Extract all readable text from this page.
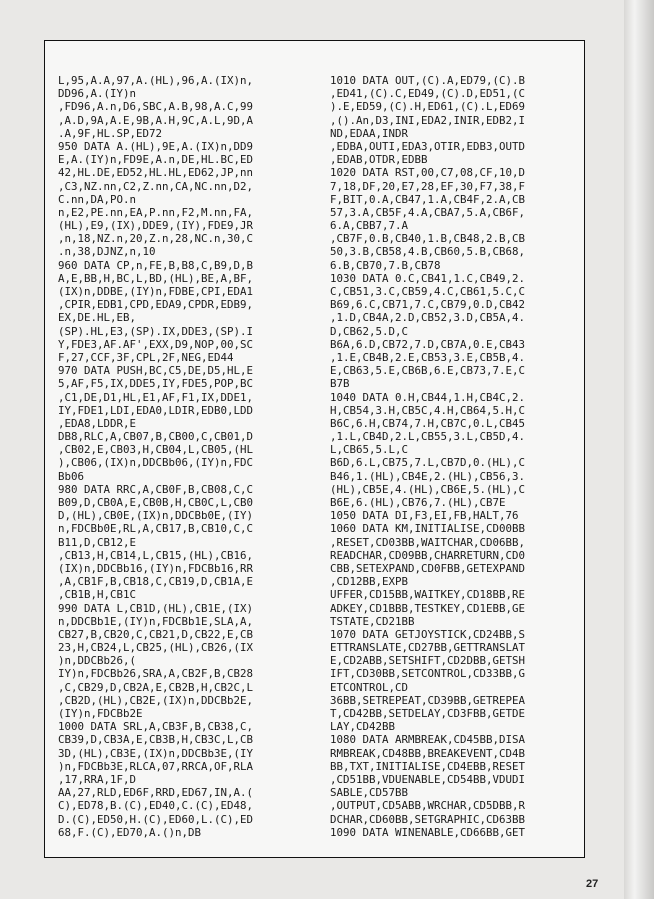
L,95,A.A,97,A.(HL),96,A.(IX)n,
DD96,A.(IY)n
,FD96,A.n,D6,SBC,A.B,98,A.C,99
,A.D,9A,A.E,9B,A.H,9C,A.L,9D,A
.A,9F,HL.SP,ED72
950 DATA A.(HL),9E,A.(IX)n,DD9
E,A.(IY)n,FD9E,A.n,DE,HL.BC,ED
42,HL.DE,ED52,HL.HL,ED62,JP,nn
,C3,NZ.nn,C2,Z.nn,CA,NC.nn,D2,
C.nn,DA,PO.n
n,E2,PE.nn,EA,P.nn,F2,M.nn,FA,
(HL),E9,(IX),DDE9,(IY),FDE9,JR
,n,18,NZ.n,20,Z.n,28,NC.n,30,C
.n,38,DJNZ,n,10
960 DATA CP,n,FE,B,B8,C,B9,D,B
A,E,BB,H,BC,L,BD,(HL),BE,A,BF,
(IX)n,DDBE,(IY)n,FDBE,CPI,EDA1
,CPIR,EDB1,CPD,EDA9,CPDR,EDB9,
EX,DE.HL,EB,
(SP).HL,E3,(SP).IX,DDE3,(SP).I
Y,FDE3,AF.AF',EXX,D9,NOP,00,SC
F,27,CCF,3F,CPL,2F,NEG,ED44
970 DATA PUSH,BC,C5,DE,D5,HL,E
5,AF,F5,IX,DDE5,IY,FDE5,POP,BC
,C1,DE,D1,HL,E1,AF,F1,IX,DDE1,
IY,FDE1,LDI,EDA0,LDIR,EDB0,LDD
,EDA8,LDDR,E
DB8,RLC,A,CB07,B,CB00,C,CB01,D
,CB02,E,CB03,H,CB04,L,CB05,(HL
),CB06,(IX)n,DDCBb06,(IY)n,FDC
Bb06
980 DATA RRC,A,CB0F,B,CB08,C,C
B09,D,CB0A,E,CB0B,H,CB0C,L,CB0
D,(HL),CB0E,(IX)n,DDCBb0E,(IY)
n,FDCBb0E,RL,A,CB17,B,CB10,C,C
B11,D,CB12,E
,CB13,H,CB14,L,CB15,(HL),CB16,
(IX)n,DDCBb16,(IY)n,FDCBb16,RR
,A,CB1F,B,CB18,C,CB19,D,CB1A,E
,CB1B,H,CB1C
990 DATA L,CB1D,(HL),CB1E,(IX)
n,DDCBb1E,(IY)n,FDCBb1E,SLA,A,
CB27,B,CB20,C,CB21,D,CB22,E,CB
23,H,CB24,L,CB25,(HL),CB26,(IX
)n,DDCBb26,(
IY)n,FDCBb26,SRA,A,CB2F,B,CB28
,C,CB29,D,CB2A,E,CB2B,H,CB2C,L
,CB2D,(HL),CB2E,(IX)n,DDCBb2E,
(IY)n,FDCBb2E
1000 DATA SRL,A,CB3F,B,CB38,C,
CB39,D,CB3A,E,CB3B,H,CB3C,L,CB
3D,(HL),CB3E,(IX)n,DDCBb3E,(IY
)n,FDCBb3E,RLCA,07,RRCA,OF,RLA
,17,RRA,1F,D
AA,27,RLD,ED6F,RRD,ED67,IN,A.(
C),ED78,B.(C),ED40,C.(C),ED48,
D.(C),ED50,H.(C),ED60,L.(C),ED
68,F.(C),ED70,A.()n,DB
1010 DATA OUT,(C).A,ED79,(C).B
,ED41,(C).C,ED49,(C).D,ED51,(C
).E,ED59,(C).H,ED61,(C).L,ED69
,().An,D3,INI,EDA2,INIR,EDB2,I
ND,EDAA,INDR
,EDBA,OUTI,EDA3,OTIR,EDB3,OUTD
,EDAB,OTDR,EDBB
1020 DATA RST,00,C7,08,CF,10,D
7,18,DF,20,E7,28,EF,30,F7,38,F
F,BIT,0.A,CB47,1.A,CB4F,2.A,CB
57,3.A,CB5F,4.A,CBA7,5.A,CB6F,
6.A,CBB7,7.A
,CB7F,0.B,CB40,1.B,CB48,2.B,CB
50,3.B,CB58,4.B,CB60,5.B,CB68,
6.B,CB70,7.B,CB78
1030 DATA 0.C,CB41,1.C,CB49,2.
C,CB51,3.C,CB59,4.C,CB61,5.C,C
B69,6.C,CB71,7.C,CB79,0.D,CB42
,1.D,CB4A,2.D,CB52,3.D,CB5A,4.
D,CB62,5.D,C
B6A,6.D,CB72,7.D,CB7A,0.E,CB43
,1.E,CB4B,2.E,CB53,3.E,CB5B,4.
E,CB63,5.E,CB6B,6.E,CB73,7.E,C
B7B
1040 DATA 0.H,CB44,1.H,CB4C,2.
H,CB54,3.H,CB5C,4.H,CB64,5.H,C
B6C,6.H,CB74,7.H,CB7C,0.L,CB45
,1.L,CB4D,2.L,CB55,3.L,CB5D,4.
L,CB65,5.L,C
B6D,6.L,CB75,7.L,CB7D,0.(HL),C
B46,1.(HL),CB4E,2.(HL),CB56,3.
(HL),CB5E,4.(HL),CB6E,5.(HL),C
B6E,6.(HL),CB76,7.(HL),CB7E
1050 DATA DI,F3,EI,FB,HALT,76
1060 DATA KM,INITIALISE,CD00BB
,RESET,CD03BB,WAITCHAR,CD06BB,
READCHAR,CD09BB,CHARRETURN,CD0
CBB,SETEXPAND,CD0FBB,GETEXPAND
,CD12BB,EXPB
UFFER,CD15BB,WAITKEY,CD18BB,RE
ADKEY,CD1BBB,TESTKEY,CD1EBB,GE
TSTATE,CD21BB
1070 DATA GETJOYSTICK,CD24BB,S
ETTRANSLATE,CD27BB,GETTRANSLAT
E,CD2ABB,SETSHIFT,CD2DBB,GETSH
IFT,CD30BB,SETCONTROL,CD33BB,G
ETCONTROL,CD
36BB,SETREPEAT,CD39BB,GETREPEA
T,CD42BB,SETDELAY,CD3FBB,GETDE
LAY,CD42BB
1080 DATA ARMBREAK,CD45BB,DISA
RMBREAK,CD48BB,BREAKEVENT,CD4B
BB,TXT,INITIALISE,CD4EBB,RESET
,CD51BB,VDUENABLE,CD54BB,VDUDI
SABLE,CD57BB
,OUTPUT,CD5ABB,WRCHAR,CD5DBB,R
DCHAR,CD60BB,SETGRAPHIC,CD63BB
1090 DATA WINENABLE,CD66BB,GET
27
